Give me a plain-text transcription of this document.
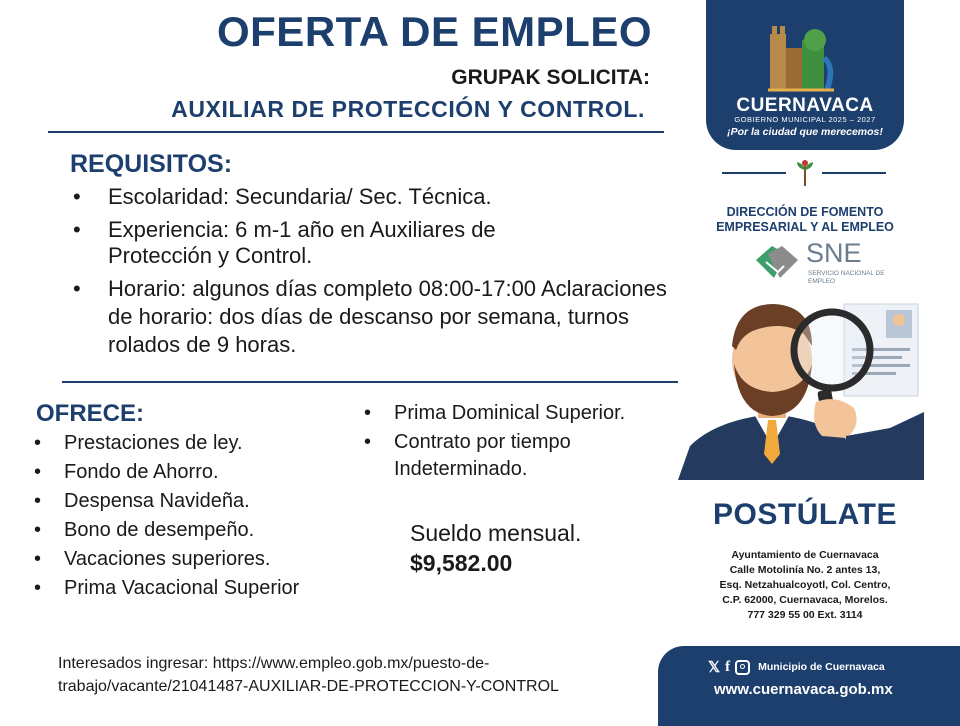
OFERTA DE EMPLEO
GRUPAK SOLICITA:
AUXILIAR DE PROTECCIÓN Y CONTROL.
REQUISITOS:
• Escolaridad: Secundaria/ Sec. Técnica.
• Experiencia: 6 m-1 año en Auxiliares de Protección y Control.
• Horario: algunos días completo 08:00-17:00 Aclaraciones de horario: dos días de descanso por semana, turnos rolados de 9 horas.
OFRECE:
• Prestaciones de ley.
• Fondo de Ahorro.
• Despensa Navideña.
• Bono de desempeño.
• Vacaciones superiores.
• Prima Vacacional Superior
• Prima Dominical Superior.
• Contrato por tiempo Indeterminado.
Sueldo mensual.
$9,582.00
Interesados ingresar: https://www.empleo.gob.mx/puesto-de-trabajo/vacante/21041487-AUXILIAR-DE-PROTECCION-Y-CONTROL
CUERNAVACA
GOBIERNO MUNICIPAL 2025 – 2027
¡Por la ciudad que merecemos!
DIRECCIÓN DE FOMENTO EMPRESARIAL Y AL EMPLEO
SNE
SERVICIO NACIONAL DE EMPLEO
POSTÚLATE
Ayuntamiento de Cuernavaca
Calle Motolinía No. 2 antes 13,
Esq. Netzahualcoyotl, Col. Centro,
C.P. 62000, Cuernavaca, Morelos.
777 329 55 00 Ext. 3114
𝕏 f	Municipio de Cuernavaca
www.cuernavaca.gob.mx
